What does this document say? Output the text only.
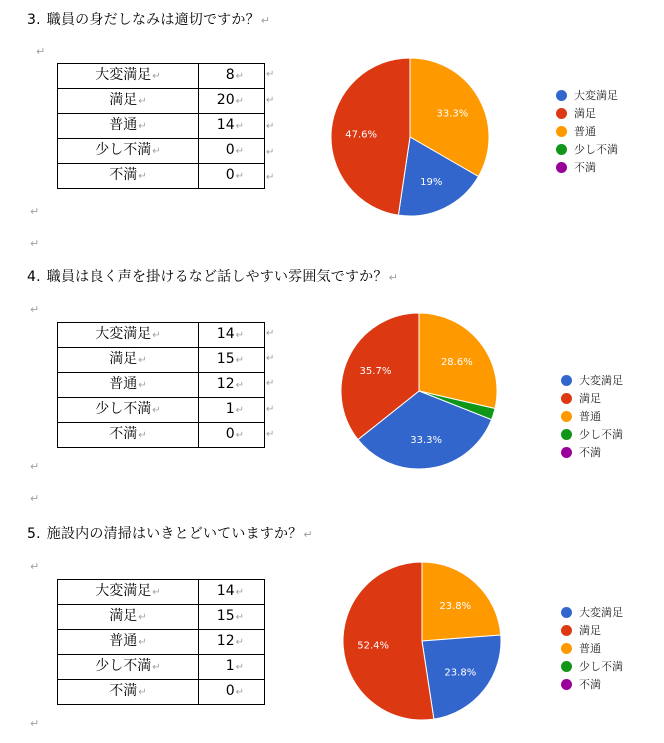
3. 職員の身だしなみは適切ですか？↵
↵
大変満足↵	8↵
満足↵	20↵
普通↵	14↵
少し不満↵	0↵
不満↵	0↵
↵
↵
↵
↵
↵
33.3%
19%
47.6%
大変満足
満足
普通
少し不満
不満
↵
↵
4. 職員は良く声を掛けるなど話しやすい雰囲気ですか？↵
↵
大変満足↵	14↵
満足↵	15↵
普通↵	12↵
少し不満↵	1↵
不満↵	0↵
↵
↵
↵
↵
↵
28.6%
33.3%
35.7%
大変満足
満足
普通
少し不満
不満
↵
↵
5. 施設内の清掃はいきとどいていますか？↵
↵
大変満足↵	14↵
満足↵	15↵
普通↵	12↵
少し不満↵	1↵
不満↵	0↵
23.8%
23.8%
52.4%
大変満足
満足
普通
少し不満
不満
↵
